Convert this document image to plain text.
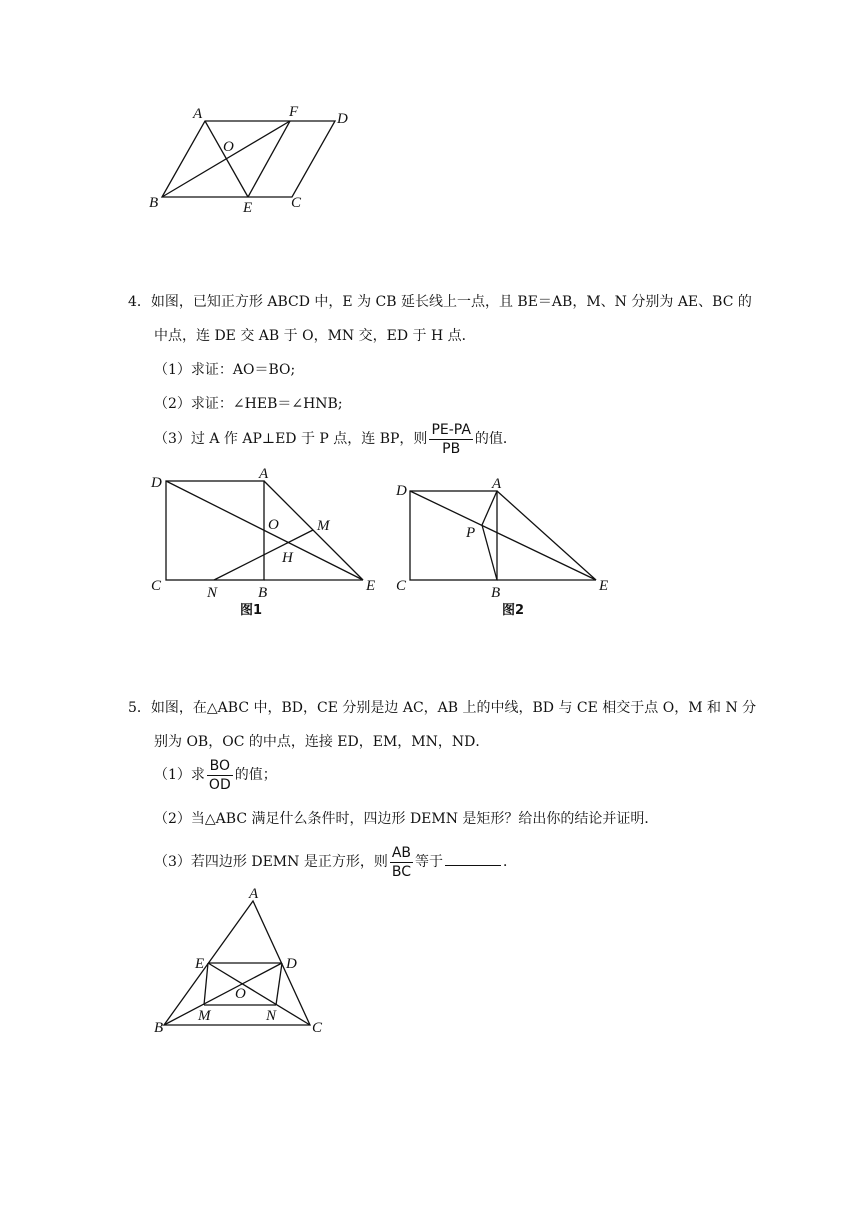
A	F	D
O
B	E	C
4．如图，已知正方形 ABCD 中，E 为 CB 延长线上一点，且 BE＝AB，M、N 分别为 AE、BC 的
中点，连 DE 交 AB 于 O，MN 交，ED 于 H 点．
（1）求证：AO＝BO;
（2）求证：∠HEB＝∠HNB;
（3）过 A 作 AP⊥ED 于 P 点，连 BP，则 $\frac{PE-PA}{PB}$ 的值．
D
A
O	M
H
C	N	B	E
图1
D	A
P
C	B	E
图2
5．如图，在△ABC 中，BD，CE 分别是边 AC，AB 上的中线，BD 与 CE 相交于点 O，M 和 N 分
别为 OB，OC 的中点，连接 ED，EM，MN，ND．
（1）求 $\frac{BO}{OD}$ 的值；
（2）当△ABC 满足什么条件时，四边形 DEMN 是矩形？给出你的结论并证明．
（3）若四边形 DEMN 是正方形，则 $\frac{AB}{BC}$ 等于	．
A
E	D
O
B
M	N
C
